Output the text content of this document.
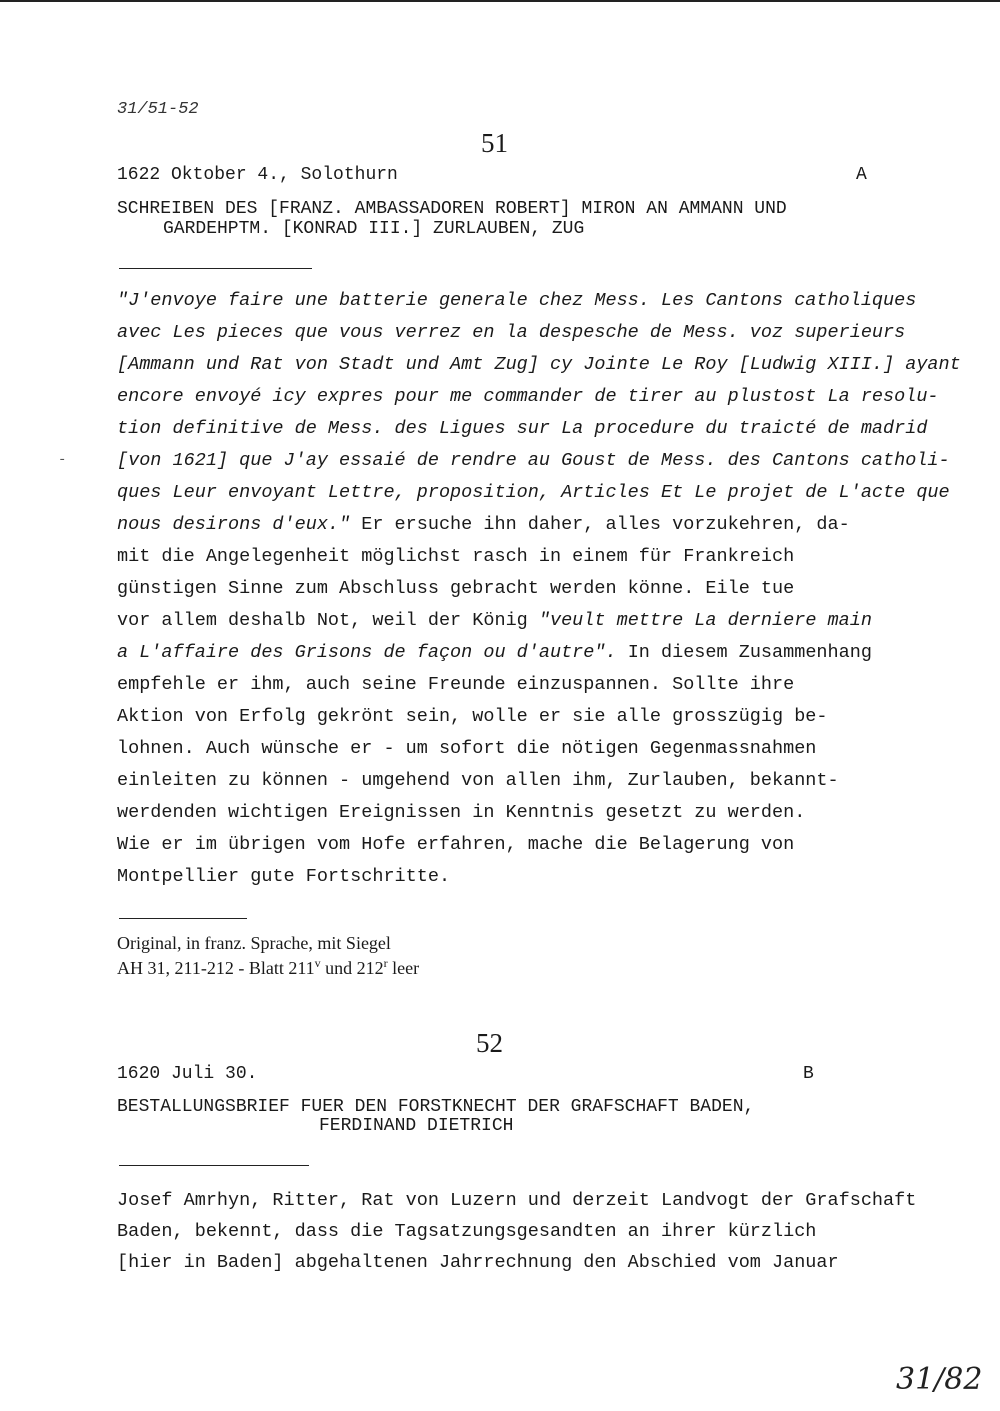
31/51-52
51
1622 Oktober 4., Solothurn	A
SCHREIBEN DES [FRANZ. AMBASSADOREN ROBERT] MIRON AN AMMANN UND
GARDEHPTM. [KONRAD III.] ZURLAUBEN, ZUG
"J'envoye faire une batterie generale chez Mess. Les Cantons catholiques
avec Les pieces que vous verrez en la despesche de Mess. voz superieurs
[Ammann und Rat von Stadt und Amt Zug] cy Jointe Le Roy [Ludwig XIII.] ayant
encore envoyé icy expres pour me commander de tirer au plustost La resolu-
tion definitive de Mess. des Ligues sur La procedure du traicté de madrid
-	[von 1621] que J'ay essaié de rendre au Goust de Mess. des Cantons catholi-
ques Leur envoyant Lettre, proposition, Articles Et Le projet de L'acte que
nous desirons d'eux." Er ersuche ihn daher, alles vorzukehren, da-
mit die Angelegenheit möglichst rasch in einem für Frankreich
günstigen Sinne zum Abschluss gebracht werden könne. Eile tue
vor allem deshalb Not, weil der König "veult mettre La derniere main
a L'affaire des Grisons de façon ou d'autre". In diesem Zusammenhang
empfehle er ihm, auch seine Freunde einzuspannen. Sollte ihre
Aktion von Erfolg gekrönt sein, wolle er sie alle grosszügig be-
lohnen. Auch wünsche er - um sofort die nötigen Gegenmassnahmen
einleiten zu können - umgehend von allen ihm, Zurlauben, bekannt-
werdenden wichtigen Ereignissen in Kenntnis gesetzt zu werden.
Wie er im übrigen vom Hofe erfahren, mache die Belagerung von
Montpellier gute Fortschritte.
Original, in franz. Sprache, mit Siegel
AH 31, 211-212 - Blatt 211$^v$ und 212$^r$ leer
52
1620 Juli 30.	B
BESTALLUNGSBRIEF FUER DEN FORSTKNECHT DER GRAFSCHAFT BADEN,
FERDINAND DIETRICH
Josef Amrhyn, Ritter, Rat von Luzern und derzeit Landvogt der Grafschaft
Baden, bekennt, dass die Tagsatzungsgesandten an ihrer kürzlich
[hier in Baden] abgehaltenen Jahrrechnung den Abschied vom Januar
31/82
